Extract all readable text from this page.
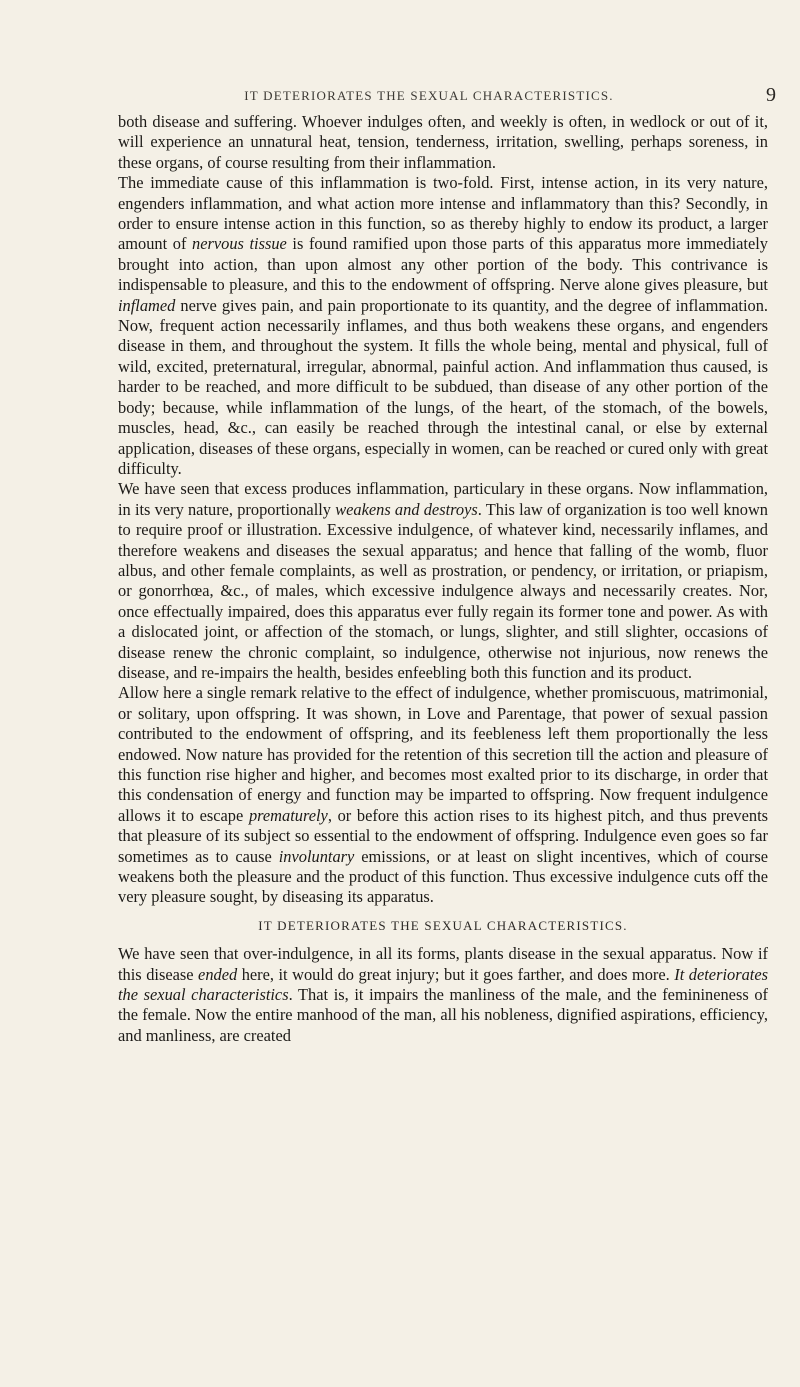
IT DETERIORATES THE SEXUAL CHARACTERISTICS.	9

both disease and suffering. Whoever indulges often, and weekly is often, in wedlock or out of it, will experience an unnatural heat, tension, tenderness, irritation, swelling, perhaps soreness, in these organs, of course resulting from their inflammation.

The immediate cause of this inflammation is two-fold. First, intense action, in its very nature, engenders inflammation, and what action more intense and inflammatory than this? Secondly, in order to ensure intense action in this function, so as thereby highly to endow its product, a larger amount of nervous tissue is found ramified upon those parts of this apparatus more immediately brought into action, than upon almost any other portion of the body. This contrivance is indispensable to pleasure, and this to the endowment of offspring. Nerve alone gives pleasure, but inflamed nerve gives pain, and pain proportionate to its quantity, and the degree of inflammation. Now, frequent action necessarily inflames, and thus both weakens these organs, and engenders disease in them, and throughout the system. It fills the whole being, mental and physical, full of wild, excited, preternatural, irregular, abnormal, painful action. And inflammation thus caused, is harder to be reached, and more difficult to be subdued, than disease of any other portion of the body; because, while inflammation of the lungs, of the heart, of the stomach, of the bowels, muscles, head, &c., can easily be reached through the intestinal canal, or else by external application, diseases of these organs, especially in women, can be reached or cured only with great difficulty.

We have seen that excess produces inflammation, particulary in these organs. Now inflammation, in its very nature, proportionally weakens and destroys. This law of organization is too well known to require proof or illustration. Excessive indulgence, of whatever kind, necessarily inflames, and therefore weakens and diseases the sexual apparatus; and hence that falling of the womb, fluor albus, and other female complaints, as well as prostration, or pendency, or irritation, or priapism, or gonorrhœa, &c., of males, which excessive indulgence always and necessarily creates. Nor, once effectually impaired, does this apparatus ever fully regain its former tone and power. As with a dislocated joint, or affection of the stomach, or lungs, slighter, and still slighter, occasions of disease renew the chronic complaint, so indulgence, otherwise not injurious, now renews the disease, and re-impairs the health, besides enfeebling both this function and its product.

Allow here a single remark relative to the effect of indulgence, whether promiscuous, matrimonial, or solitary, upon offspring. It was shown, in Love and Parentage, that power of sexual passion contributed to the endowment of offspring, and its feebleness left them proportionally the less endowed. Now nature has provided for the retention of this secretion till the action and pleasure of this function rise higher and higher, and becomes most exalted prior to its discharge, in order that this condensation of energy and function may be imparted to offspring. Now frequent indulgence allows it to escape prematurely, or before this action rises to its highest pitch, and thus prevents that pleasure of its subject so essential to the endowment of offspring. Indulgence even goes so far sometimes as to cause involuntary emissions, or at least on slight incentives, which of course weakens both the pleasure and the product of this function. Thus excessive indulgence cuts off the very pleasure sought, by diseasing its apparatus.

IT DETERIORATES THE SEXUAL CHARACTERISTICS.

We have seen that over-indulgence, in all its forms, plants disease in the sexual apparatus. Now if this disease ended here, it would do great injury; but it goes farther, and does more. It deteriorates the sexual characteristics. That is, it impairs the manliness of the male, and the feminineness of the female. Now the entire manhood of the man, all his nobleness, dignified aspirations, efficiency, and manliness, are created
